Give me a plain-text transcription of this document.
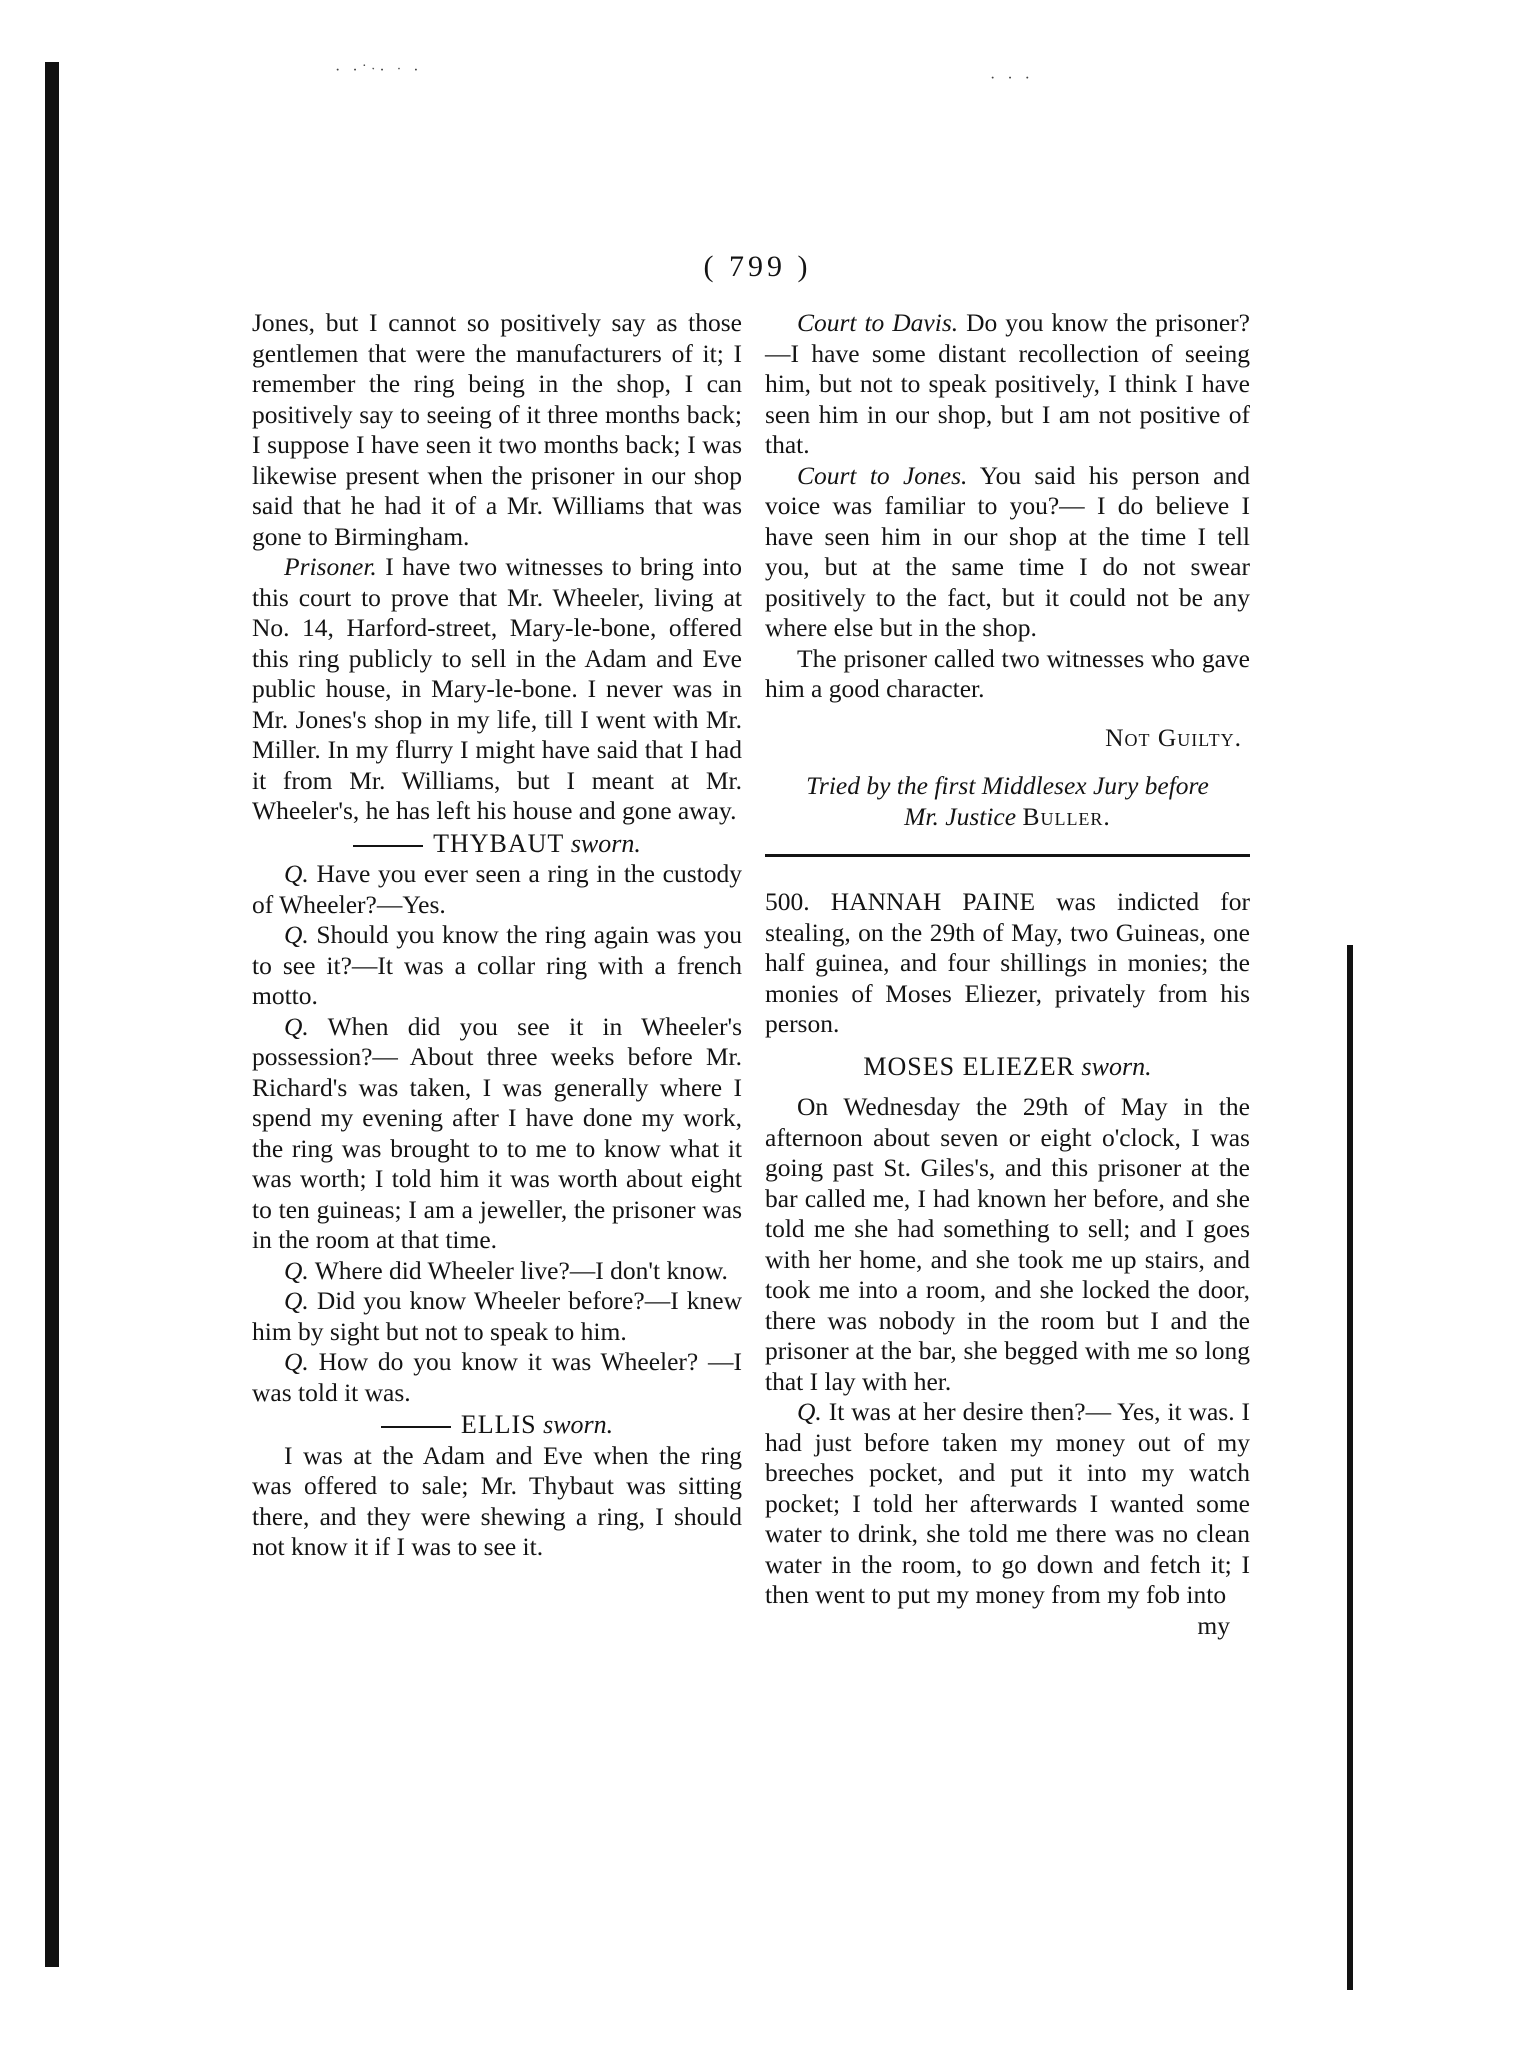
· ·˙ˑ· ˑ ·	· · ·
( 799 )

Jones, but I cannot so positively say as those gentlemen that were the manufacturers of it; I remember the ring being in the shop, I can positively say to seeing of it three months back; I suppose I have seen it two months back; I was likewise present when the prisoner in our shop said that he had it of a Mr. Williams that was gone to Birmingham.

Prisoner. I have two witnesses to bring into this court to prove that Mr. Wheeler, living at No. 14, Harford-street, Mary-le-bone, offered this ring publicly to sell in the Adam and Eve public house, in Mary-le-bone. I never was in Mr. Jones's shop in my life, till I went with Mr. Miller. In my flurry I might have said that I had it from Mr. Williams, but I meant at Mr. Wheeler's, he has left his house and gone away.

THYBAUT sworn.

Q. Have you ever seen a ring in the custody of Wheeler?—Yes.

Q. Should you know the ring again was you to see it?—It was a collar ring with a french motto.

Q. When did you see it in Wheeler's possession?— About three weeks before Mr. Richard's was taken, I was generally where I spend my evening after I have done my work, the ring was brought to to me to know what it was worth; I told him it was worth about eight to ten guineas; I am a jeweller, the prisoner was in the room at that time.

Q. Where did Wheeler live?—I don't know.

Q. Did you know Wheeler before?—I knew him by sight but not to speak to him.

Q. How do you know it was Wheeler? —I was told it was.

ELLIS sworn.

I was at the Adam and Eve when the ring was offered to sale; Mr. Thybaut was sitting there, and they were shewing a ring, I should not know it if I was to see it.

Court to Davis. Do you know the prisoner?—I have some distant recollection of seeing him, but not to speak positively, I think I have seen him in our shop, but I am not positive of that.

Court to Jones. You said his person and voice was familiar to you?— I do believe I have seen him in our shop at the time I tell you, but at the same time I do not swear positively to the fact, but it could not be any where else but in the shop.

The prisoner called two witnesses who gave him a good character.

Not Guilty.

Tried by the first Middlesex Jury before

Mr. Justice Buller.

500. HANNAH PAINE was indicted for stealing, on the 29th of May, two Guineas, one half guinea, and four shillings in monies; the monies of Moses Eliezer, privately from his person.

MOSES ELIEZER sworn.

On Wednesday the 29th of May in the afternoon about seven or eight o'clock, I was going past St. Giles's, and this prisoner at the bar called me, I had known her before, and she told me she had something to sell; and I goes with her home, and she took me up stairs, and took me into a room, and she locked the door, there was nobody in the room but I and the prisoner at the bar, she begged with me so long that I lay with her.

Q. It was at her desire then?— Yes, it was. I had just before taken my money out of my breeches pocket, and put it into my watch pocket; I told her afterwards I wanted some water to drink, she told me there was no clean water in the room, to go down and fetch it; I then went to put my money from my fob into

my
